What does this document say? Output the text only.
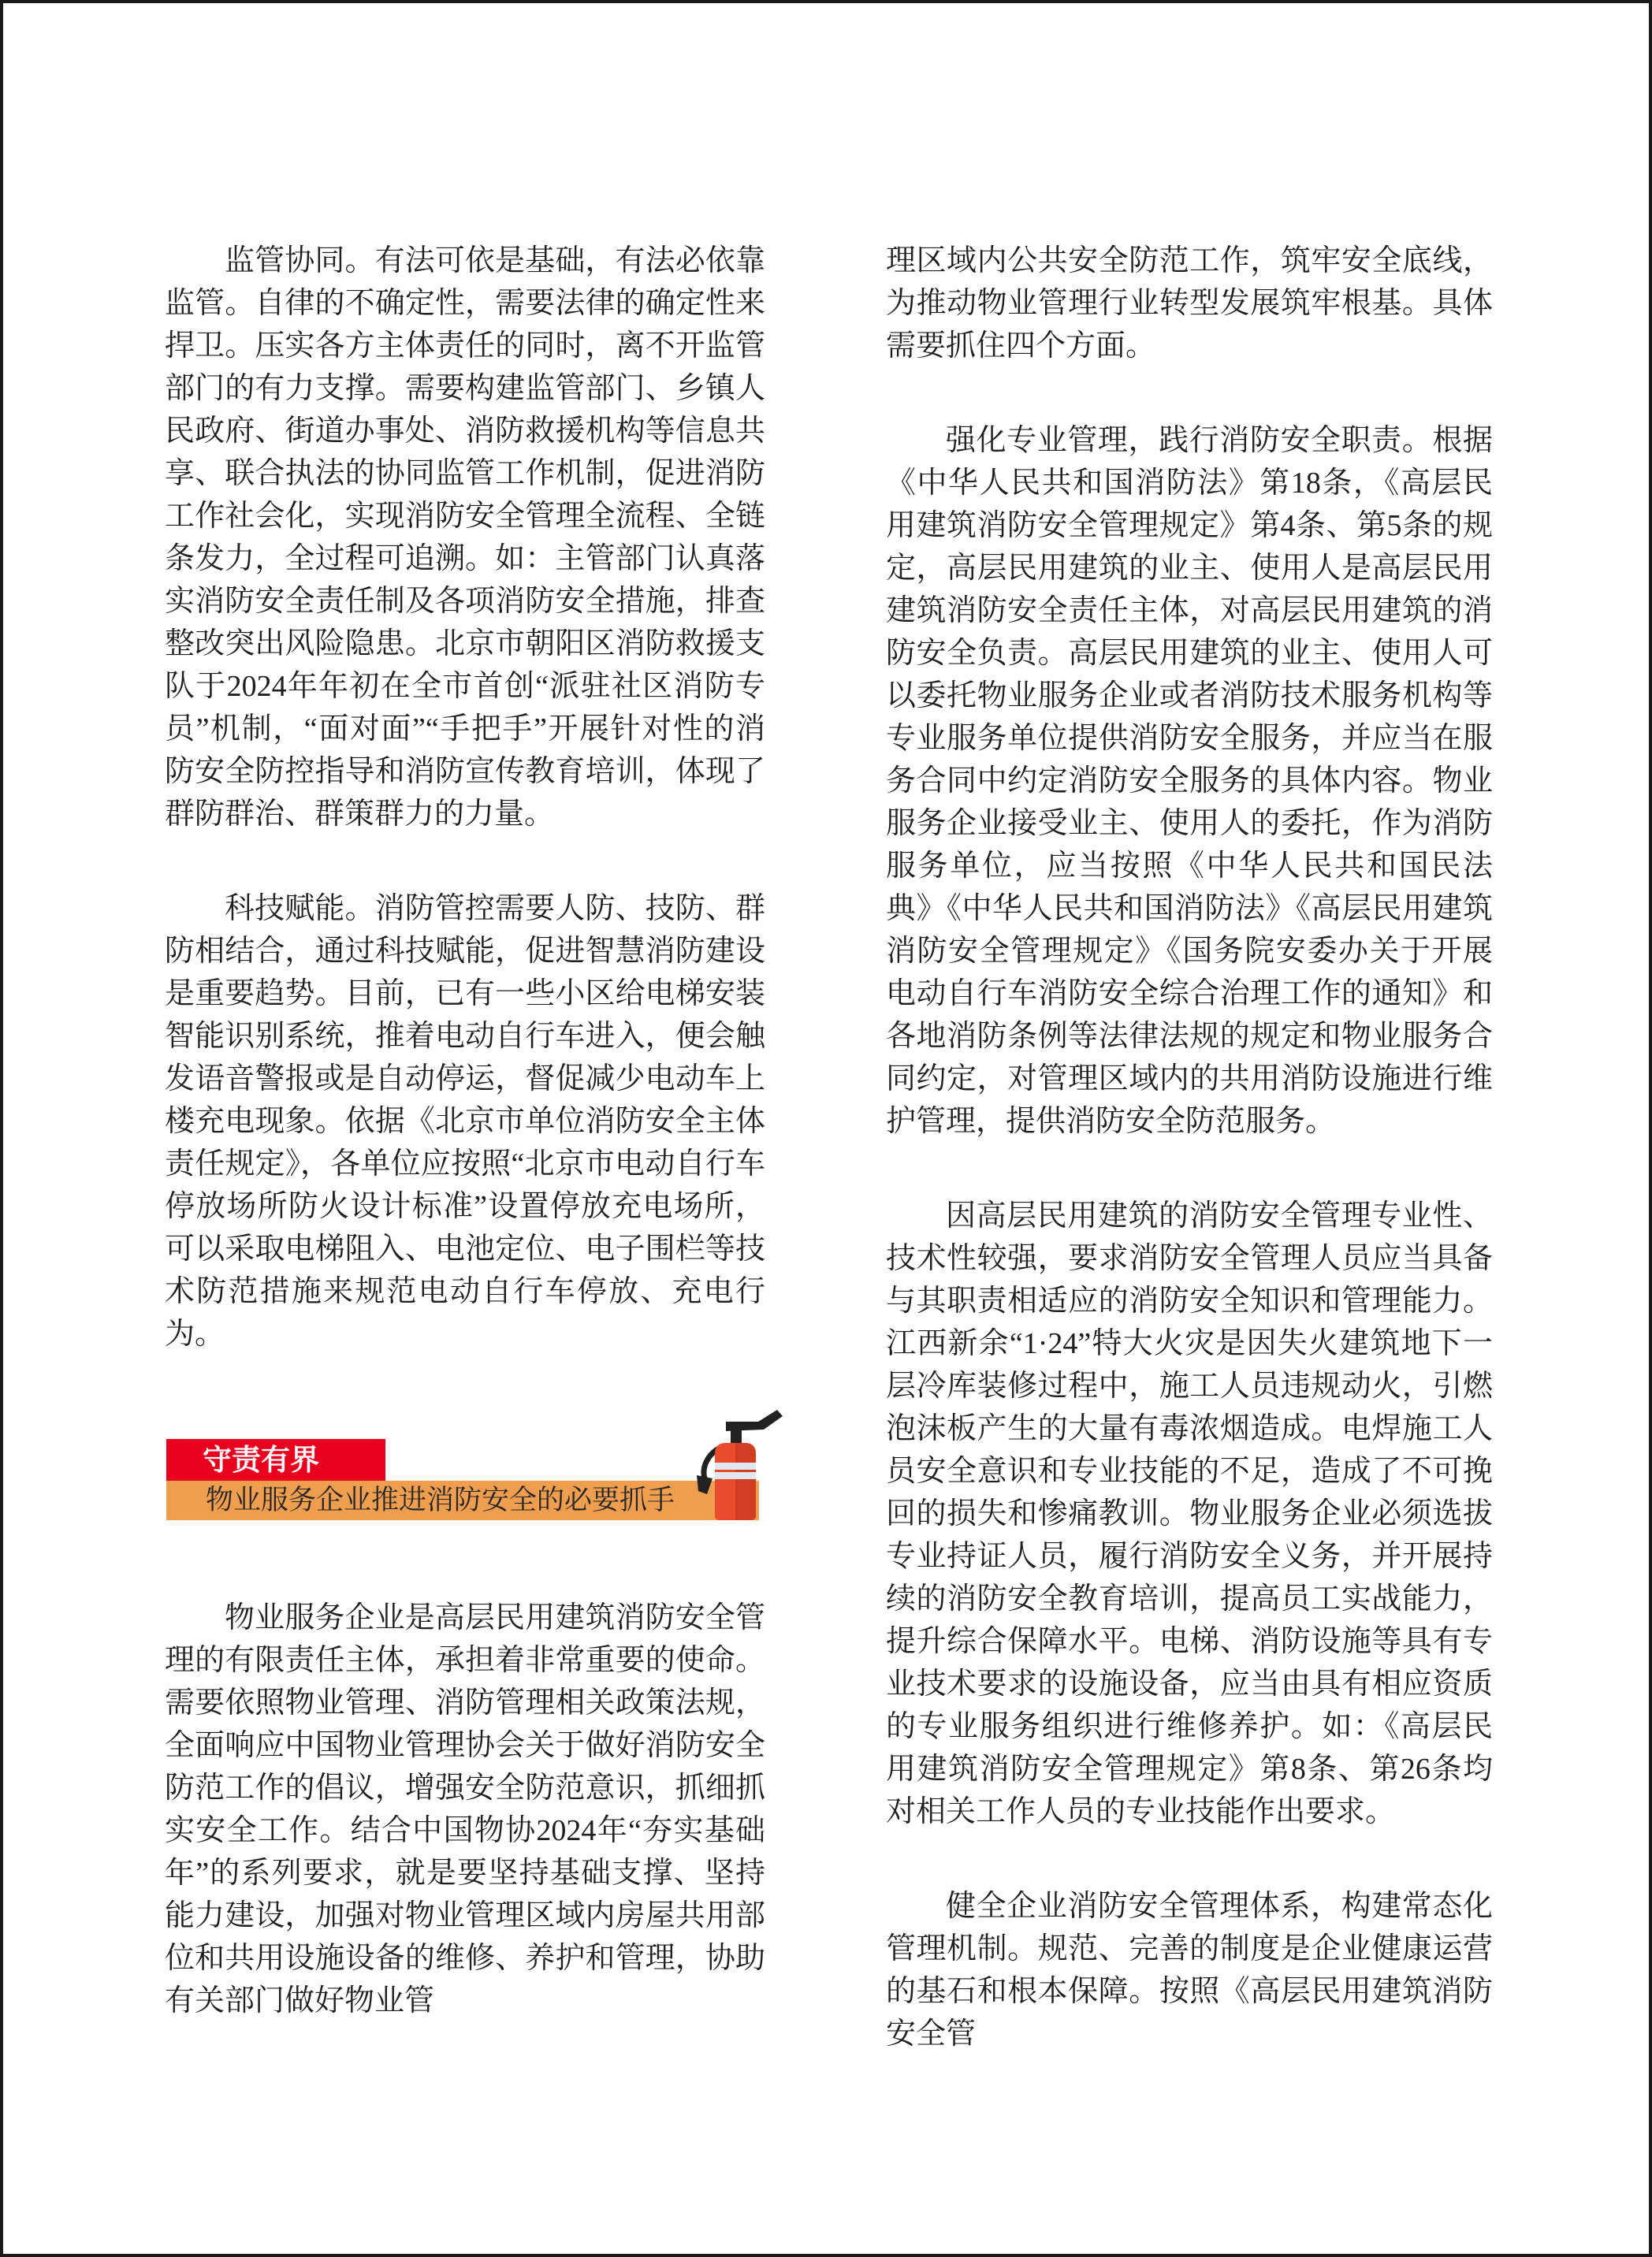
监管协同。有法可依是基础，有法必依靠监管。自律的不确定性，需要法律的确定性来捍卫。压实各方主体责任的同时，离不开监管部门的有力支撑。需要构建监管部门、乡镇人民政府、街道办事处、消防救援机构等信息共享、联合执法的协同监管工作机制，促进消防工作社会化，实现消防安全管理全流程、全链条发力，全过程可追溯。如：主管部门认真落实消防安全责任制及各项消防安全措施，排查整改突出风险隐患。北京市朝阳区消防救援支队于2024年年初在全市首创“派驻社区消防专员”机制，“面对面”“手把手”开展针对性的消防安全防控指导和消防宣传教育培训，体现了群防群治、群策群力的力量。

科技赋能。消防管控需要人防、技防、群防相结合，通过科技赋能，促进智慧消防建设是重要趋势。目前，已有一些小区给电梯安装智能识别系统，推着电动自行车进入，便会触发语音警报或是自动停运，督促减少电动车上楼充电现象。依据《北京市单位消防安全主体责任规定》，各单位应按照“北京市电动自行车停放场所防火设计标准”设置停放充电场所，可以采取电梯阻入、电池定位、电子围栏等技术防范措施来规范电动自行车停放、充电行为。

守责有界
物业服务企业推进消防安全的必要抓手

物业服务企业是高层民用建筑消防安全管理的有限责任主体，承担着非常重要的使命。需要依照物业管理、消防管理相关政策法规，全面响应中国物业管理协会关于做好消防安全防范工作的倡议，增强安全防范意识，抓细抓实安全工作。结合中国物协2024年“夯实基础年”的系列要求，就是要坚持基础支撑、坚持能力建设，加强对物业管理区域内房屋共用部位和共用设施设备的维修、养护和管理，协助有关部门做好物业管

理区域内公共安全防范工作，筑牢安全底线，为推动物业管理行业转型发展筑牢根基。具体需要抓住四个方面。

强化专业管理，践行消防安全职责。根据《中华人民共和国消防法》第18条，《高层民用建筑消防安全管理规定》第4条、第5条的规定，高层民用建筑的业主、使用人是高层民用建筑消防安全责任主体，对高层民用建筑的消防安全负责。高层民用建筑的业主、使用人可以委托物业服务企业或者消防技术服务机构等专业服务单位提供消防安全服务，并应当在服务合同中约定消防安全服务的具体内容。物业服务企业接受业主、使用人的委托，作为消防服务单位，应当按照《中华人民共和国民法典》《中华人民共和国消防法》《高层民用建筑消防安全管理规定》《国务院安委办关于开展电动自行车消防安全综合治理工作的通知》和各地消防条例等法律法规的规定和物业服务合同约定，对管理区域内的共用消防设施进行维护管理，提供消防安全防范服务。

因高层民用建筑的消防安全管理专业性、技术性较强，要求消防安全管理人员应当具备与其职责相适应的消防安全知识和管理能力。江西新余“1·24”特大火灾是因失火建筑地下一层冷库装修过程中，施工人员违规动火，引燃泡沫板产生的大量有毒浓烟造成。电焊施工人员安全意识和专业技能的不足，造成了不可挽回的损失和惨痛教训。物业服务企业必须选拔专业持证人员，履行消防安全义务，并开展持续的消防安全教育培训，提高员工实战能力，提升综合保障水平。电梯、消防设施等具有专业技术要求的设施设备，应当由具有相应资质的专业服务组织进行维修养护。如：《高层民用建筑消防安全管理规定》第8条、第26条均对相关工作人员的专业技能作出要求。

健全企业消防安全管理体系，构建常态化管理机制。规范、完善的制度是企业健康运营的基石和根本保障。按照《高层民用建筑消防安全管
